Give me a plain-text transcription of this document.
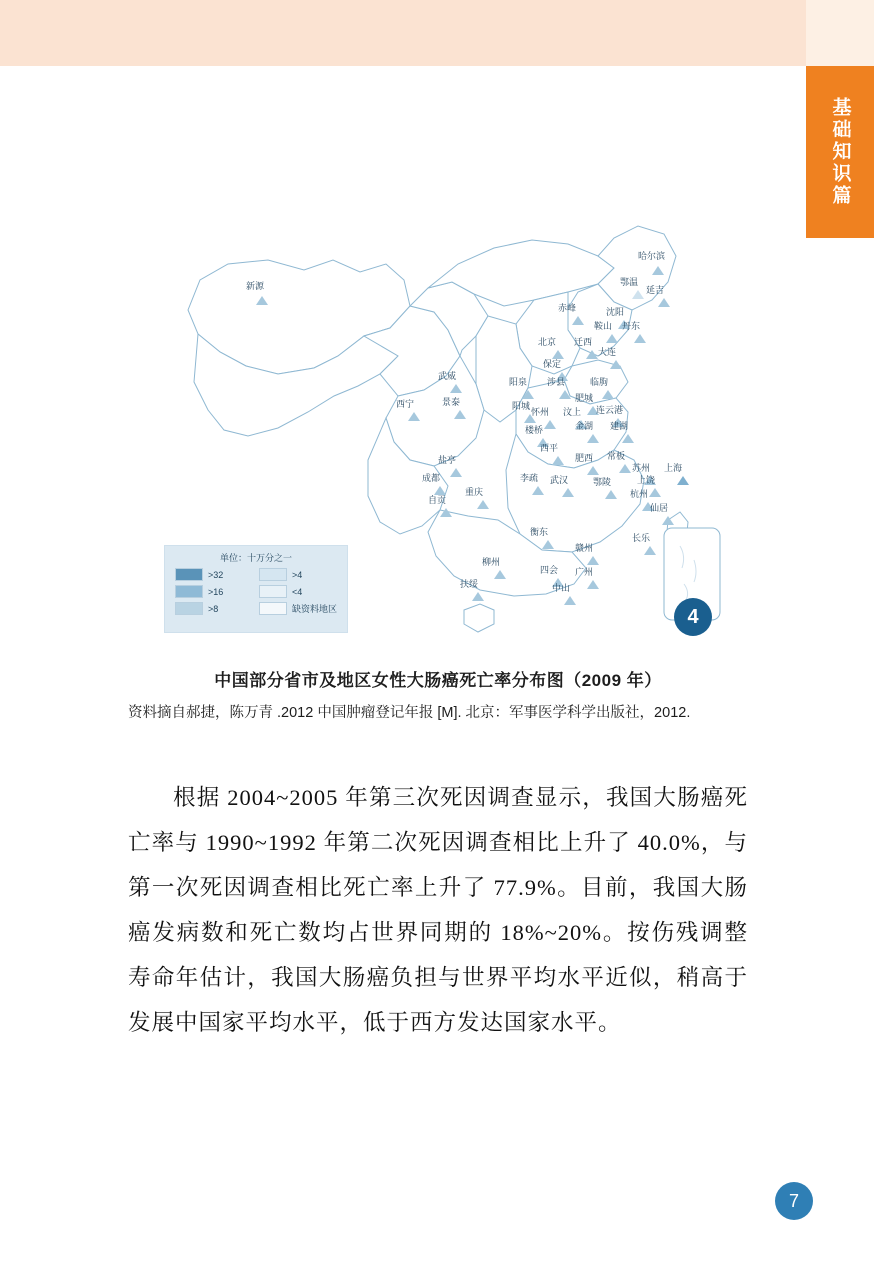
基础知识篇
新源
哈尔滨
鄂温
延吉
赤峰	沈阳
鞍山 丹东
北京 迁西
大连
保定
阳泉 涉县	临朐
肥城
武威
西宁	景泰	阳城
怀州 汶上 连云港
金湖 建湖
楼桥
西平
肥西 常板
苏州 上海
盐亭
成都	李疏 武汉	鄂陵	上饶
重庆	杭州
自贡
仙居
衡东
长乐
赣州
柳州
扶绥
四会 广州
中山
单位：十万分之一
>32	>4
>16	<4
>8	缺资料地区	4
中国部分省市及地区女性大肠癌死亡率分布图（2009 年）
资料摘自郝捷，陈万青 .2012 中国肿瘤登记年报 [M]. 北京：军事医学科学出版社，2012.
根据 2004~2005 年第三次死因调查显示，我国大肠癌死亡率与 1990~1992 年第二次死因调查相比上升了 40.0%，与第一次死因调查相比死亡率上升了 77.9%。目前，我国大肠癌发病数和死亡数均占世界同期的 18%~20%。按伤残调整寿命年估计，我国大肠癌负担与世界平均水平近似，稍高于发展中国家平均水平，低于西方发达国家水平。
7
